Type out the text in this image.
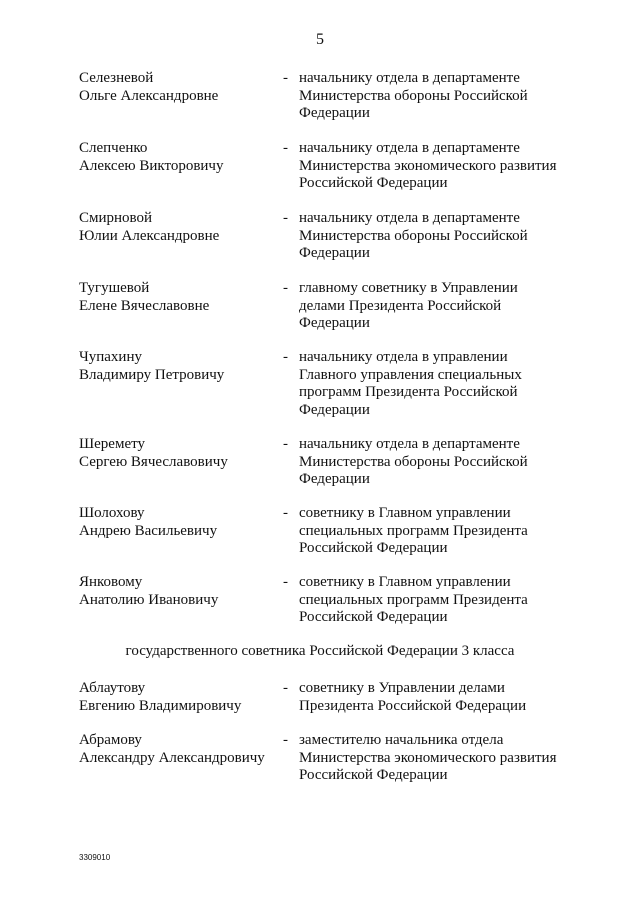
5
Селезневой
Ольге Александровне
- начальнику отдела в департаменте
Министерства обороны Российской
Федерации
Слепченко
Алексею Викторовичу
- начальнику отдела в департаменте
Министерства экономического развития
Российской Федерации
Смирновой
Юлии Александровне
- начальнику отдела в департаменте
Министерства обороны Российской
Федерации
Тугушевой
Елене Вячеславовне
- главному советнику в Управлении
делами Президента Российской
Федерации
Чупахину
Владимиру Петровичу
- начальнику отдела в управлении
Главного управления специальных
программ Президента Российской
Федерации
Шеремету
Сергею Вячеславовичу
- начальнику отдела в департаменте
Министерства обороны Российской
Федерации
Шолохову
Андрею Васильевичу
- советнику в Главном управлении
специальных программ Президента
Российской Федерации
Янковому
Анатолию Ивановичу
- советнику в Главном управлении
специальных программ Президента
Российской Федерации
государственного советника Российской Федерации 3 класса
Аблаутову
Евгению Владимировичу
- советнику в Управлении делами
Президента Российской Федерации
Абрамову
Александру Александровичу
- заместителю начальника отдела
Министерства экономического развития
Российской Федерации
3309010
